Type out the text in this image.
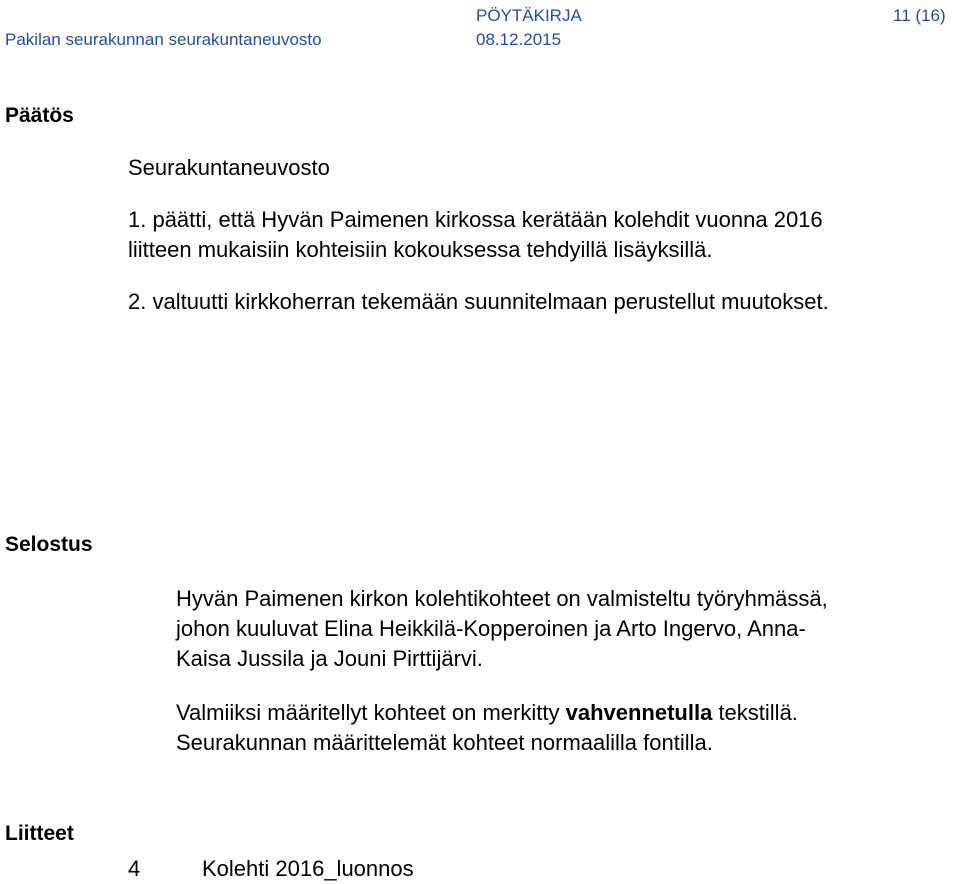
PÖYTÄKIRJA	11 (16)
Pakilan seurakunnan seurakuntaneuvosto	08.12.2015
Päätös
Seurakuntaneuvosto
1. päätti, että Hyvän Paimenen kirkossa kerätään kolehdit vuonna 2016
liitteen mukaisiin kohteisiin kokouksessa tehdyillä lisäyksillä.
2. valtuutti kirkkoherran tekemään suunnitelmaan perustellut muutokset.
Selostus
Hyvän Paimenen kirkon kolehtikohteet on valmisteltu työryhmässä,
johon kuuluvat Elina Heikkilä-Kopperoinen ja Arto Ingervo, Anna-
Kaisa Jussila ja Jouni Pirttijärvi.
Valmiiksi määritellyt kohteet on merkitty vahvennetulla tekstillä.
Seurakunnan määrittelemät kohteet normaalilla fontilla.
Liitteet
4	Kolehti 2016_luonnos
